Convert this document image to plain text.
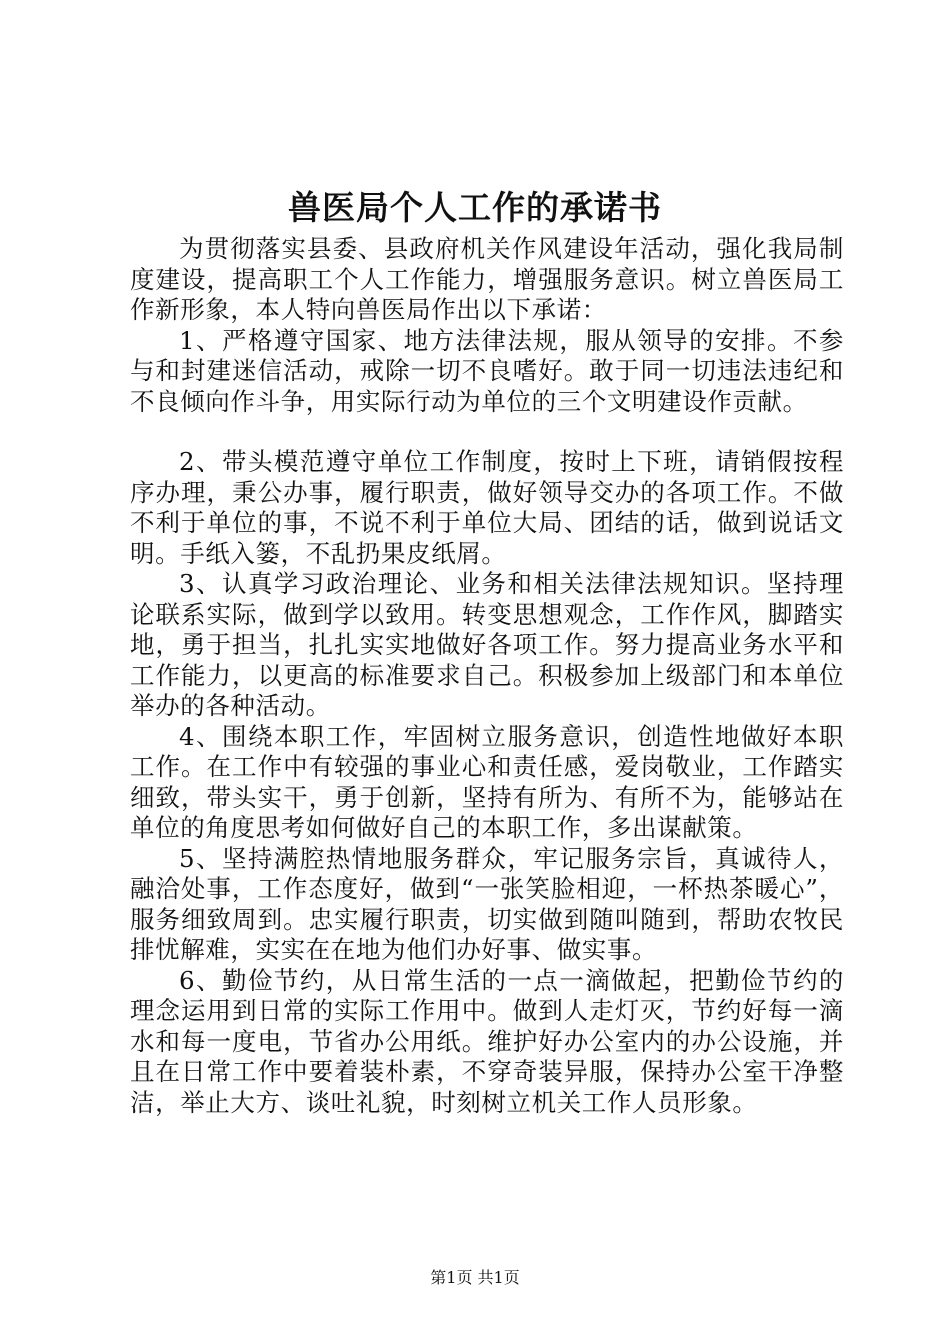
兽医局个人工作的承诺书

为贯彻落实县委、县政府机关作风建设年活动，强化我局制度建设，提高职工个人工作能力，增强服务意识。树立兽医局工作新形象，本人特向兽医局作出以下承诺：

1、严格遵守国家、地方法律法规，服从领导的安排。不参与和封建迷信活动，戒除一切不良嗜好。敢于同一切违法违纪和不良倾向作斗争，用实际行动为单位的三个文明建设作贡献。

2、带头模范遵守单位工作制度，按时上下班，请销假按程序办理，秉公办事，履行职责，做好领导交办的各项工作。不做不利于单位的事，不说不利于单位大局、团结的话，做到说话文明。手纸入篓，不乱扔果皮纸屑。

3、认真学习政治理论、业务和相关法律法规知识。坚持理论联系实际，做到学以致用。转变思想观念，工作作风，脚踏实地，勇于担当，扎扎实实地做好各项工作。努力提高业务水平和工作能力，以更高的标准要求自己。积极参加上级部门和本单位举办的各种活动。

4、围绕本职工作，牢固树立服务意识，创造性地做好本职工作。在工作中有较强的事业心和责任感，爱岗敬业，工作踏实细致，带头实干，勇于创新，坚持有所为、有所不为，能够站在单位的角度思考如何做好自己的本职工作，多出谋献策。

5、坚持满腔热情地服务群众，牢记服务宗旨，真诚待人，融洽处事，工作态度好，做到“一张笑脸相迎，一杯热茶暖心”，服务细致周到。忠实履行职责，切实做到随叫随到，帮助农牧民排忧解难，实实在在地为他们办好事、做实事。

6、勤俭节约，从日常生活的一点一滴做起，把勤俭节约的理念运用到日常的实际工作用中。做到人走灯灭，节约好每一滴水和每一度电，节省办公用纸。维护好办公室内的办公设施，并且在日常工作中要着装朴素，不穿奇装异服，保持办公室干净整洁，举止大方、谈吐礼貌，时刻树立机关工作人员形象。

第1页 共1页
